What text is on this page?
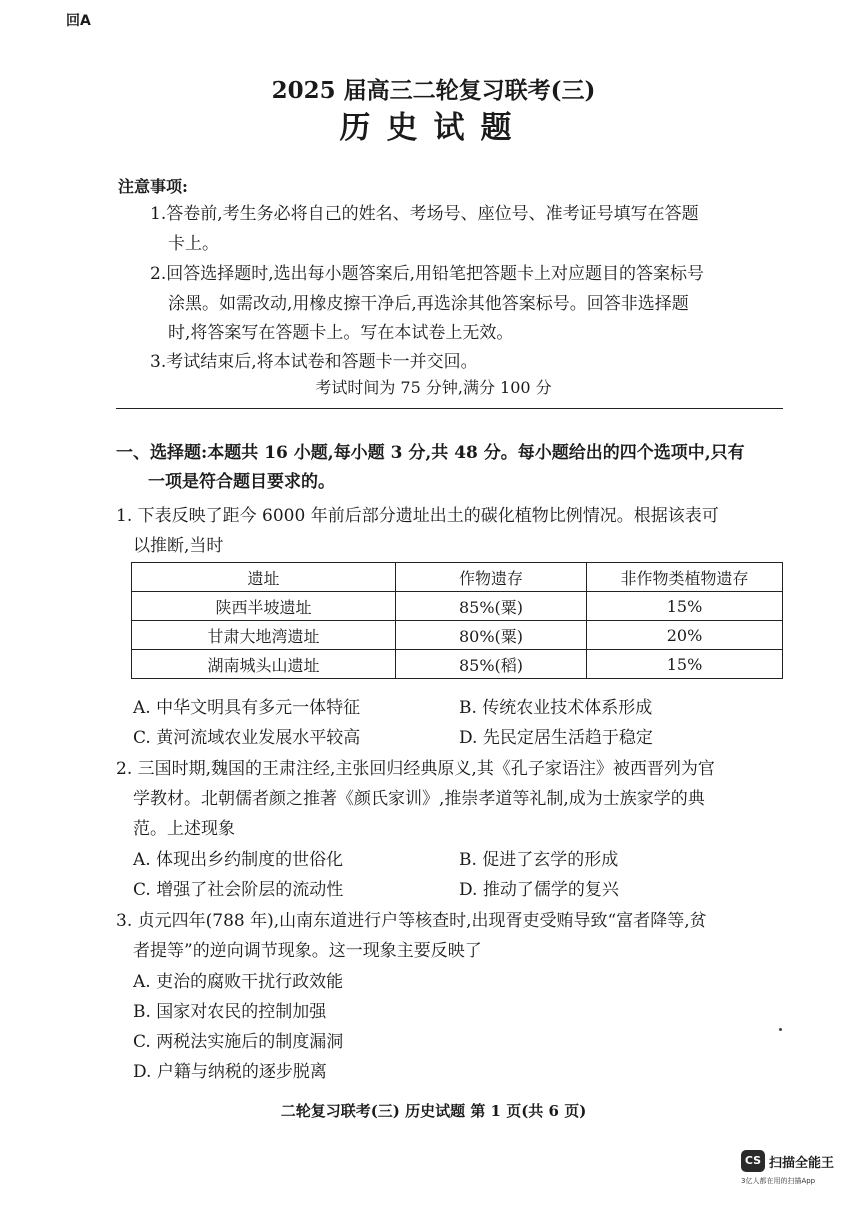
回A
2025 届高三二轮复习联考(三)
历史试题
注意事项:
1.答卷前,考生务必将自己的姓名、考场号、座位号、准考证号填写在答题
卡上。
2.回答选择题时,选出每小题答案后,用铅笔把答题卡上对应题目的答案标号
涂黑。如需改动,用橡皮擦干净后,再选涂其他答案标号。回答非选择题
时,将答案写在答题卡上。写在本试卷上无效。
3.考试结束后,将本试卷和答题卡一并交回。
考试时间为 75 分钟,满分 100 分
一、选择题:本题共 16 小题,每小题 3 分,共 48 分。每小题给出的四个选项中,只有
一项是符合题目要求的。
1. 下表反映了距今 6000 年前后部分遗址出土的碳化植物比例情况。根据该表可
以推断,当时
遗址	作物遗存	非作物类植物遗存
陕西半坡遗址	85%(粟)	15%
甘肃大地湾遗址	80%(粟)	20%
湖南城头山遗址	85%(稻)	15%
A. 中华文明具有多元一体特征	B. 传统农业技术体系形成
C. 黄河流域农业发展水平较高	D. 先民定居生活趋于稳定
2. 三国时期,魏国的王肃注经,主张回归经典原义,其《孔子家语注》被西晋列为官
学教材。北朝儒者颜之推著《颜氏家训》,推崇孝道等礼制,成为士族家学的典
范。上述现象
A. 体现出乡约制度的世俗化	B. 促进了玄学的形成
C. 增强了社会阶层的流动性	D. 推动了儒学的复兴
3. 贞元四年(788 年),山南东道进行户等核查时,出现胥吏受贿导致“富者降等,贫
者提等”的逆向调节现象。这一现象主要反映了
A. 吏治的腐败干扰行政效能
B. 国家对农民的控制加强
C. 两税法实施后的制度漏洞
D. 户籍与纳税的逐步脱离
二轮复习联考(三) 历史试题 第 1 页(共 6 页)
CS 扫描全能王
3亿人都在用的扫描App
